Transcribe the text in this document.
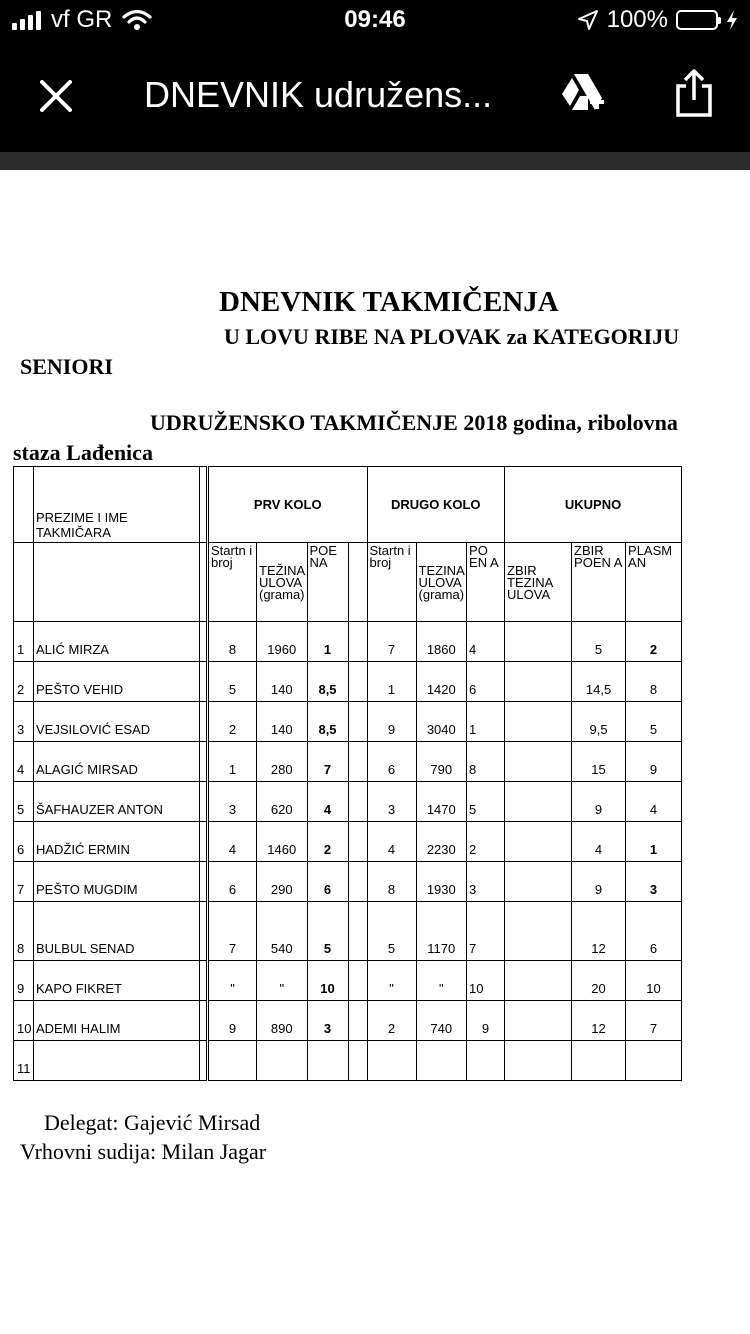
vf GR	09:46	100%
DNEVNIK udružens...
DNEVNIK TAKMIČENJA
U LOVU RIBE NA PLOVAK za KATEGORIJU
SENIORI
UDRUŽENSKO TAKMIČENJE 2018 godina, ribolovna
staza Lađenica
	PREZIME I IME TAKMIČARA		PRV KOLO				DRUGO KOLO			UKUPNO		
			Startn i broj	TEŽINA ULOVA (grama)	POE NA		Startn i broj	TEZINA ULOVA (grama)	PO EN A	ZBIR TEZINA ULOVA	ZBIR POEN A	PLASM AN
1	ALIĆ MIRZA		8	1960	1		7	1860	4		5	2
2	PEŠTO VEHID		5	140	8,5		1	1420	6		14,5	8
3	VEJSILOVIĆ ESAD		2	140	8,5		9	3040	1		9,5	5
4	ALAGIĆ MIRSAD		1	280	7		6	790	8		15	9
5	ŠAFHAUZER ANTON		3	620	4		3	1470	5		9	4
6	HADŽIĆ ERMIN		4	1460	2		4	2230	2		4	1
7	PEŠTO MUGDIM		6	290	6		8	1930	3		9	3
8	BULBUL SENAD		7	540	5		5	1170	7		12	6
9	KAPO FIKRET		"	"	10		"	"	10		20	10
10	ADEMI HALIM		9	890	3		2	740	9		12	7
11												
Delegat: Gajević Mirsad
Vrhovni sudija: Milan Jagar
